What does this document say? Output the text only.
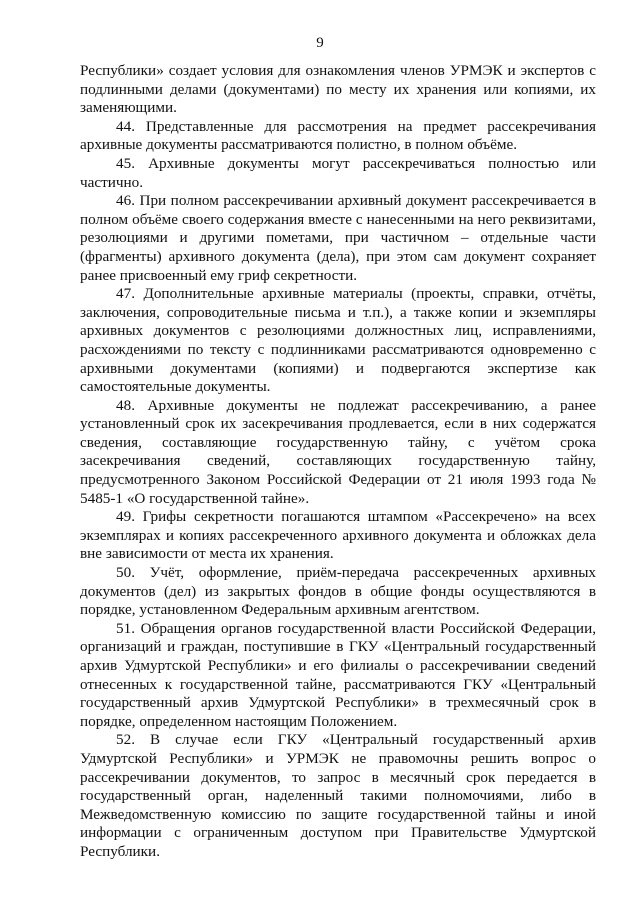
9

Республики» создает условия для ознакомления членов УРМЭК и экспертов с подлинными делами (документами) по месту их хранения или копиями, их заменяющими.

44. Представленные для рассмотрения на предмет рассекречивания архивные документы рассматриваются полистно, в полном объёме.

45. Архивные документы могут рассекречиваться полностью или частично.

46. При полном рассекречивании архивный документ рассекречивается в полном объёме своего содержания вместе с нанесенными на него реквизитами, резолюциями и другими пометами, при частичном – отдельные части (фрагменты) архивного документа (дела), при этом сам документ сохраняет ранее присвоенный ему гриф секретности.

47. Дополнительные архивные материалы (проекты, справки, отчёты, заключения, сопроводительные письма и т.п.), а также копии и экземпляры архивных документов с резолюциями должностных лиц, исправлениями, расхождениями по тексту с подлинниками рассматриваются одновременно с архивными документами (копиями) и подвергаются экспертизе как самостоятельные документы.

48. Архивные документы не подлежат рассекречиванию, а ранее установленный срок их засекречивания продлевается, если в них содержатся сведения, составляющие государственную тайну, с учётом срока засекречивания сведений, составляющих государственную тайну, предусмотренного Законом Российской Федерации от 21 июля 1993 года № 5485-1 «О государственной тайне».

49. Грифы секретности погашаются штампом «Рассекречено» на всех экземплярах и копиях рассекреченного архивного документа и обложках дела вне зависимости от места их хранения.

50. Учёт, оформление, приём-передача рассекреченных архивных документов (дел) из закрытых фондов в общие фонды осуществляются в порядке, установленном Федеральным архивным агентством.

51. Обращения органов государственной власти Российской Федерации, организаций и граждан, поступившие в ГКУ «Центральный государственный архив Удмуртской Республики» и его филиалы о рассекречивании сведений отнесенных к государственной тайне, рассматриваются ГКУ «Центральный государственный архив Удмуртской Республики» в трехмесячный срок в порядке, определенном настоящим Положением.

52. В случае если ГКУ «Центральный государственный архив Удмуртской Республики» и УРМЭК не правомочны решить вопрос о рассекречивании документов, то запрос в месячный срок передается в государственный орган, наделенный такими полномочиями, либо в Межведомственную комиссию по защите государственной тайны и иной информации с ограниченным доступом при Правительстве Удмуртской Республики.
